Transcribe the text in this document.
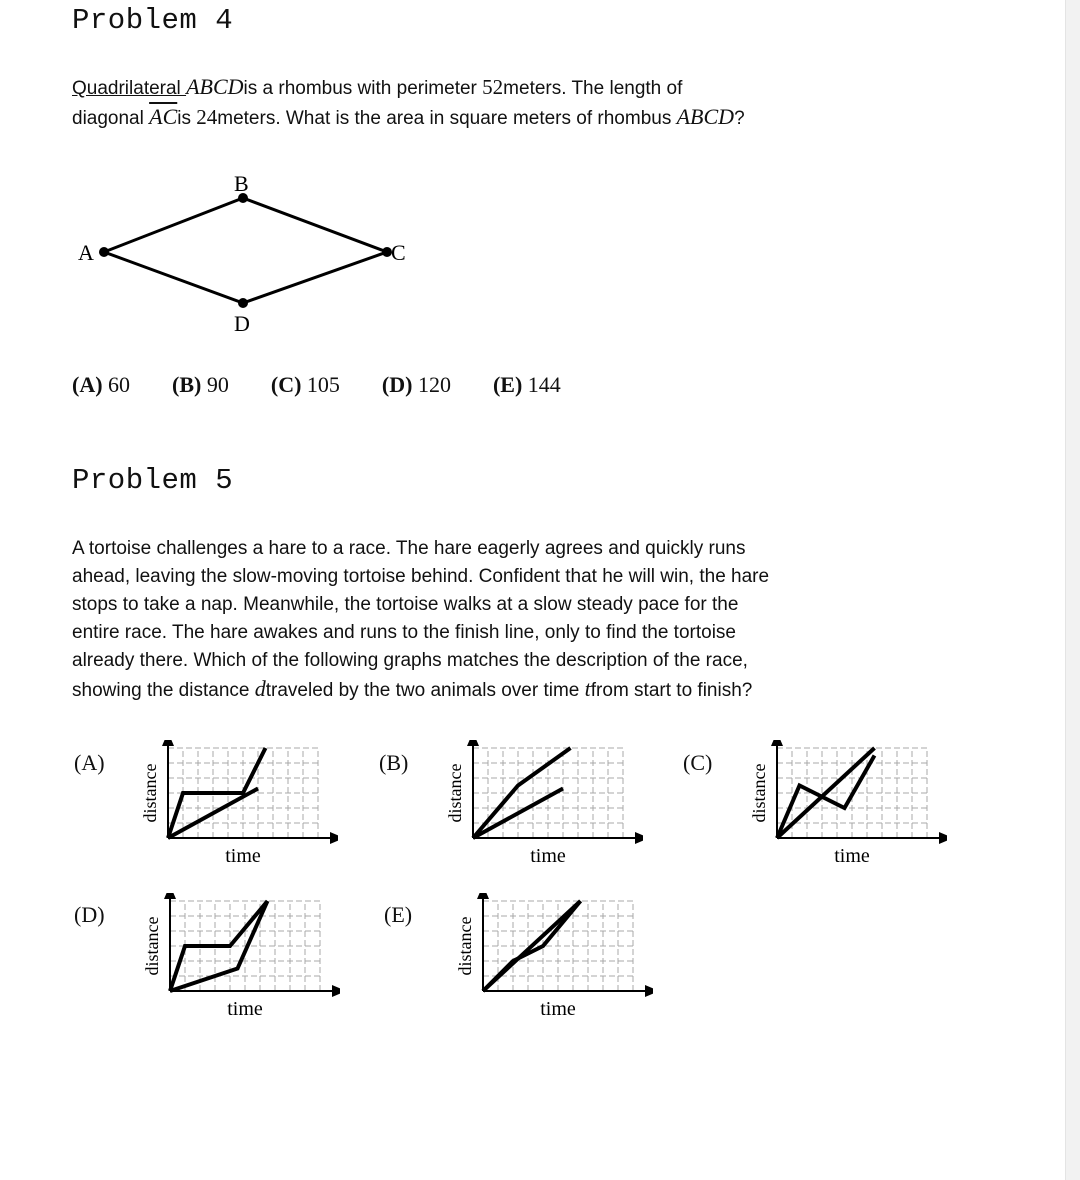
Problem 4

Quadrilateral ABCDis a rhombus with perimeter 52meters. The length of
diagonal $\overline{AC}is$ 24meters. What is the area in square meters of rhombus ABCD?

A
B
C
D
(A) 60 (B) 90 (C) 105 (D) 120 (E) 144
Problem 5

A tortoise challenges a hare to a race. The hare eagerly agrees and quickly runs
ahead, leaving the slow-moving tortoise behind. Confident that he will win, the hare
stops to take a nap. Meanwhile, the tortoise walks at a slow steady pace for the
entire race. The hare awakes and runs to the finish line, only to find the tortoise
already there. Which of the following graphs matches the description of the race,
showing the distance dtraveled by the two animals over time tfrom start to finish?

(A)	(B)	(C)
(D)	(E)
time
distance
time
distance
time
distance
time
distance
time
distance
